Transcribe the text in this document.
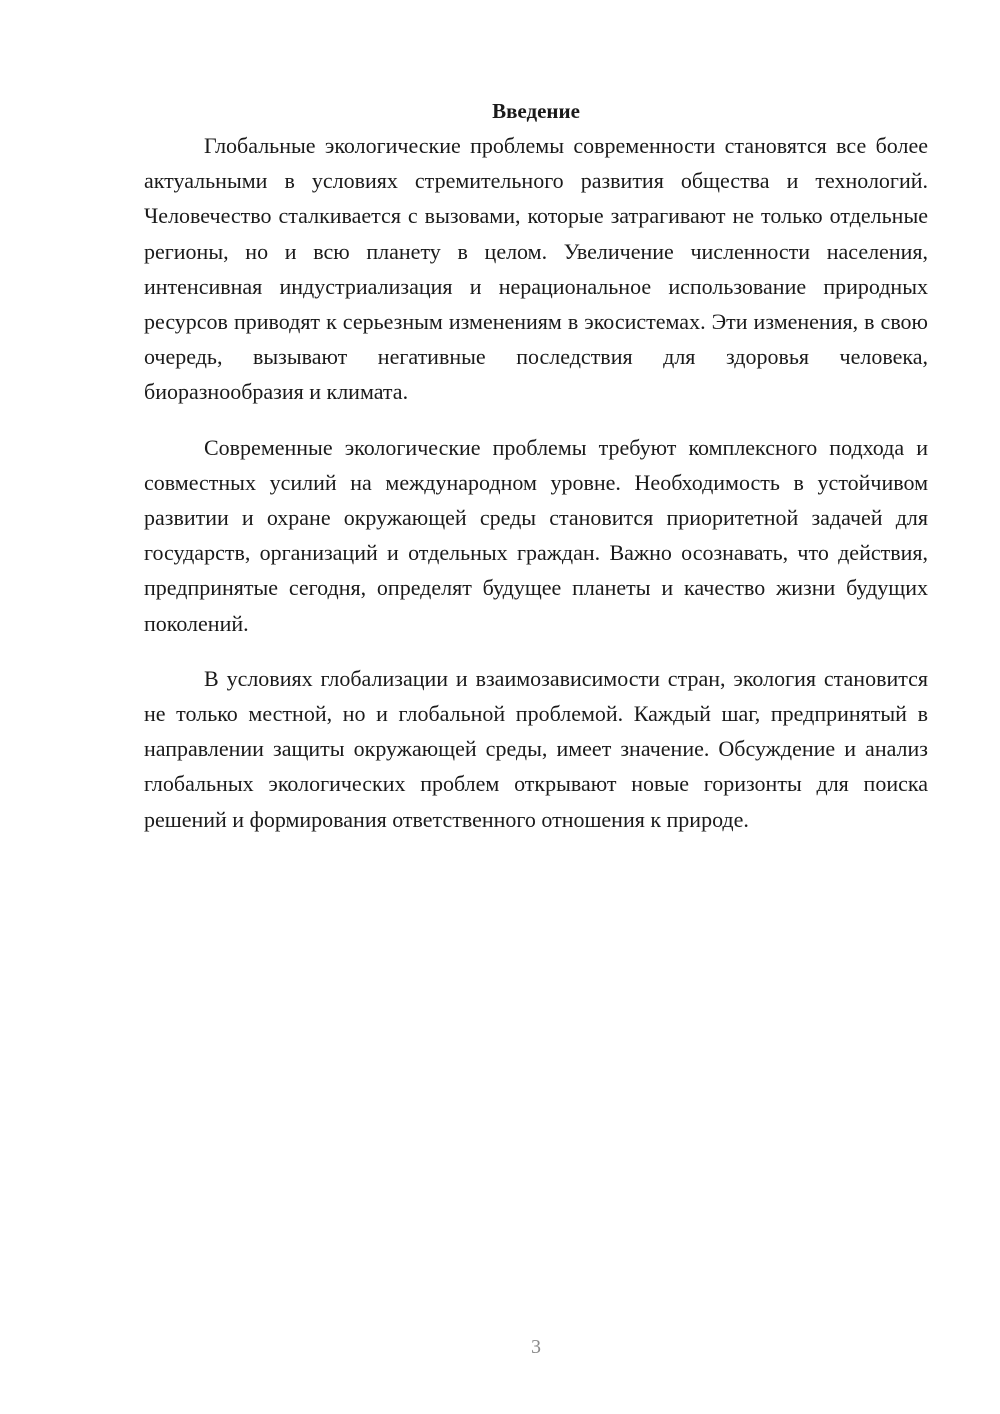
Введение

Глобальные экологические проблемы современности становятся все более актуальными в условиях стремительного развития общества и технологий. Человечество сталкивается с вызовами, которые затрагивают не только отдельные регионы, но и всю планету в целом. Увеличение численности населения, интенсивная индустриализация и нерациональное использование природных ресурсов приводят к серьезным изменениям в экосистемах. Эти изменения, в свою очередь, вызывают негативные последствия для здоровья человека, биоразнообразия и климата.

Современные экологические проблемы требуют комплексного подхода и совместных усилий на международном уровне. Необходимость в устойчивом развитии и охране окружающей среды становится приоритетной задачей для государств, организаций и отдельных граждан. Важно осознавать, что действия, предпринятые сегодня, определят будущее планеты и качество жизни будущих поколений.

В условиях глобализации и взаимозависимости стран, экология становится не только местной, но и глобальной проблемой. Каждый шаг, предпринятый в направлении защиты окружающей среды, имеет значение. Обсуждение и анализ глобальных экологических проблем открывают новые горизонты для поиска решений и формирования ответственного отношения к природе.

3
